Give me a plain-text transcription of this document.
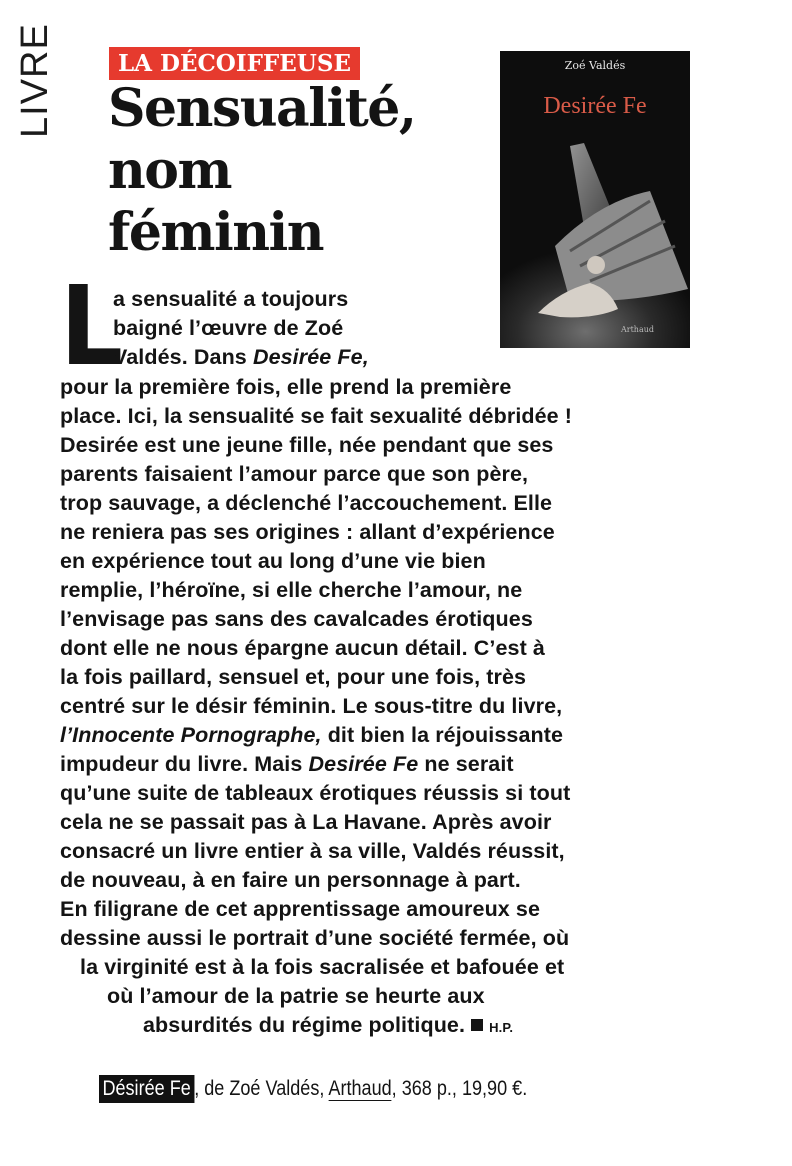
LIVRE	LA DÉCOIFFEUSE
Sensualité,
nom
féminin
Zoé Valdés
Desirée Fe
Arthaud
L

a sensualité a toujours

baigné l’œuvre de Zoé

Valdés. Dans Desirée Fe,

pour la première fois, elle prend la première

place. Ici, la sensualité se fait sexualité débridée !

Desirée est une jeune fille, née pendant que ses

parents faisaient l’amour parce que son père,

trop sauvage, a déclenché l’accouchement. Elle

ne reniera pas ses origines : allant d’expérience

en expérience tout au long d’une vie bien

remplie, l’héroïne, si elle cherche l’amour, ne

l’envisage pas sans des cavalcades érotiques

dont elle ne nous épargne aucun détail. C’est à

la fois paillard, sensuel et, pour une fois, très

centré sur le désir féminin. Le sous-titre du livre,

l’Innocente Pornographe, dit bien la réjouissante

impudeur du livre. Mais Desirée Fe ne serait

qu’une suite de tableaux érotiques réussis si tout

cela ne se passait pas à La Havane. Après avoir

consacré un livre entier à sa ville, Valdés réussit,

de nouveau, à en faire un personnage à part.

En filigrane de cet apprentissage amoureux se

dessine aussi le portrait d’une société fermée, où

la virginité est à la fois sacralisée et bafouée et

où l’amour de la patrie se heurte aux

absurdités du régime politique. H.P.

Désirée Fe , de Zoé Valdés, Arthaud, 368 p., 19,90 €.
